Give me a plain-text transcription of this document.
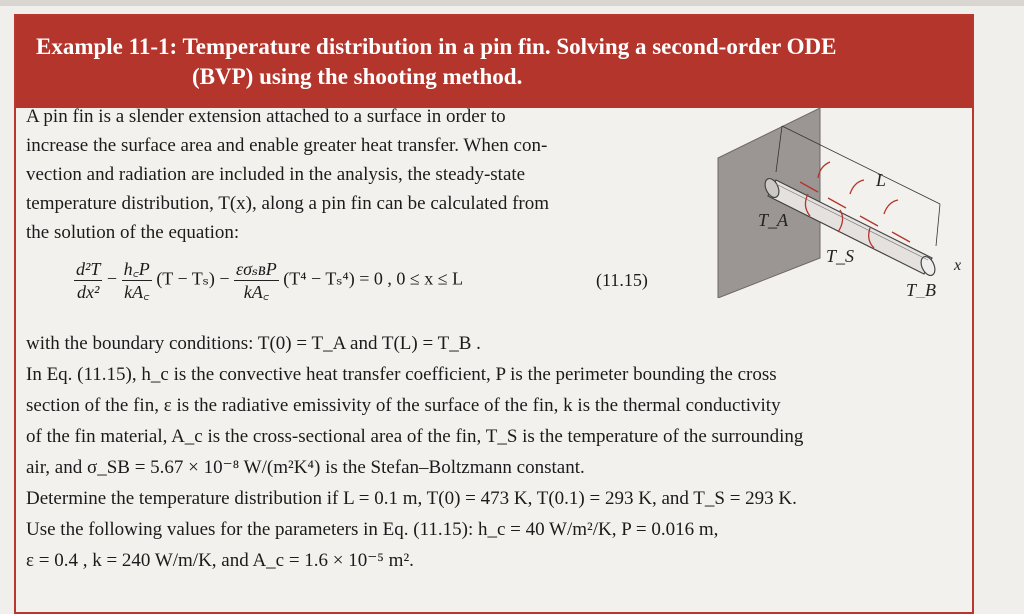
Example 11-1: Temperature distribution in a pin fin. Solving a second-order ODE
(BVP) using the shooting method.

A pin fin is a slender extension attached to a surface in order to

increase the surface area and enable greater heat transfer. When con-

vection and radiation are included in the analysis, the steady-state

temperature distribution, T(x), along a pin fin can be calculated from

the solution of the equation:

$\frac{\text{d²T}}{\text{dx²}} - \frac{h꜀P}{kA꜀} (T - T_s) - \frac{\text{εσₛʙP}}{kA꜀} (T^4 - T_s^4) = 0$ , 0 ≤ x ≤ L	(11.15)

with the boundary conditions: T(0) = T_A and T(L) = T_B .

In Eq. (11.15), h_c is the convective heat transfer coefficient, P is the perimeter bounding the cross

section of the fin, ε is the radiative emissivity of the surface of the fin, k is the thermal conductivity

of the fin material, A_c is the cross-sectional area of the fin, T_S is the temperature of the surrounding

air, and σ_SB = 5.67 × 10⁻⁸ W/(m²K⁴) is the Stefan–Boltzmann constant.

Determine the temperature distribution if L = 0.1 m, T(0) = 473 K, T(0.1) = 293 K, and T_S = 293 K.

Use the following values for the parameters in Eq. (11.15): h_c = 40 W/m²/K, P = 0.016 m,

ε = 0.4 , k = 240 W/m/K, and A_c = 1.6 × 10⁻⁵ m².

L
T_A
T_S
T_B
x
